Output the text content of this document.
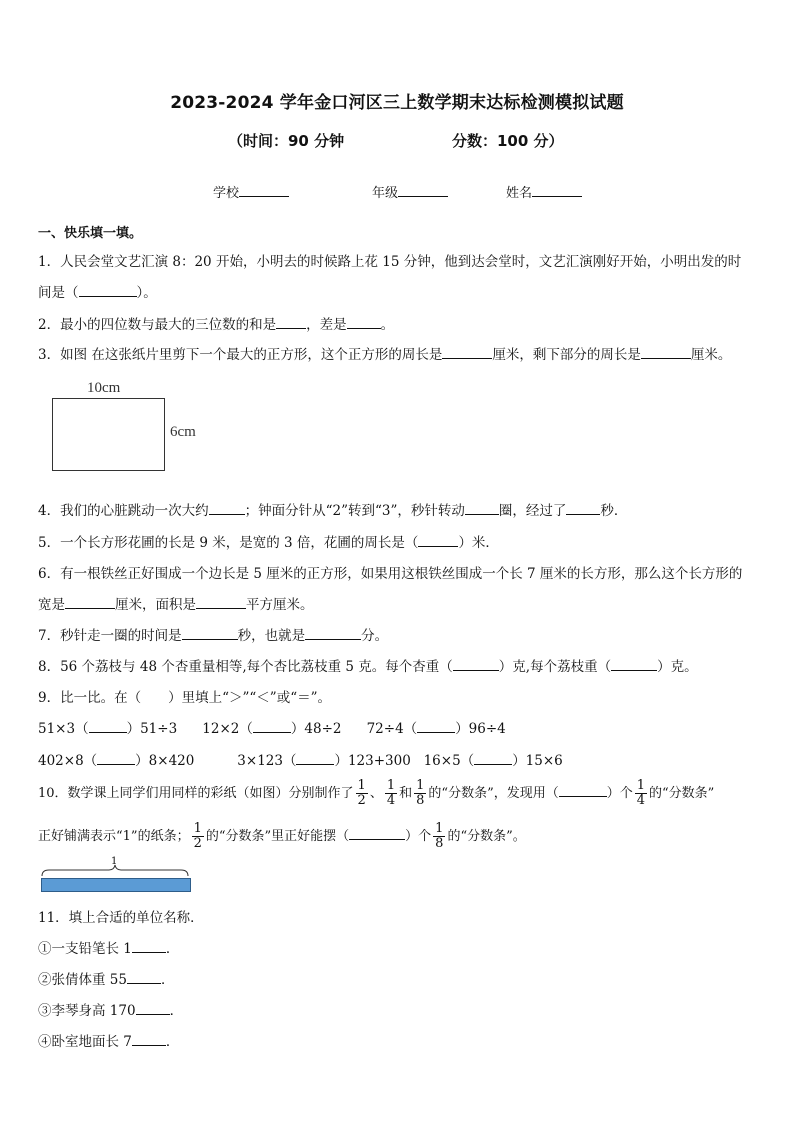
2023-2024 学年金口河区三上数学期末达标检测模拟试题
（时间：90 分钟	分数：100 分）
学校	年级	姓名
一、快乐填一填。
1．人民会堂文艺汇演 8：20 开始，小明去的时候路上花 15 分钟，他到达会堂时，文艺汇演刚好开始，小明出发的时
间是（	）。
2．最小的四位数与最大的三位数的和是 ，差是	。
3．如图 在这张纸片里剪下一个最大的正方形，这个正方形的周长是	厘米，剩下部分的周长是	厘米。
10cm
6cm
4．我们的心脏跳动一次大约	；钟面分针从“2”转到“3”，秒针转动	圈，经过了	秒．
5．一个长方形花圃的长是 9 米，是宽的 3 倍，花圃的周长是（	）米．
6．有一根铁丝正好围成一个边长是 5 厘米的正方形，如果用这根铁丝围成一个长 7 厘米的长方形，那么这个长方形的
宽是	厘米，面积是	平方厘米。
7．秒针走一圈的时间是	秒，也就是	分。
8．56 个荔枝与 48 个杏重量相等,每个杏比荔枝重 5 克。每个杏重（	）克,每个荔枝重（	）克。
9．比一比。在（　　）里填上“＞”“＜”或“＝”。
51×3（	）51÷3 12×2（	）48÷2 72÷4（	）96÷4
402×8（	）8×420	3×123（	）123+300 16×5（	）15×6
10．数学课上同学们用同样的彩纸（如图）分别制作了 $\frac{1}{2}$ 、 $\frac{1}{4}$ 和 $\frac{1}{8}$ 的“分数条”，发现用（	）个 $\frac{1}{4}$ 的“分数条”
正好铺满表示“1”的纸条； $\frac{1}{2}$ 的“分数条”里正好能摆（	）个 $\frac{1}{8}$ 的“分数条”。
1
11．填上合适的单位名称．
①一支铅笔长 1	．
②张倩体重 55	．
③李琴身高 170	．
④卧室地面长 7	．
